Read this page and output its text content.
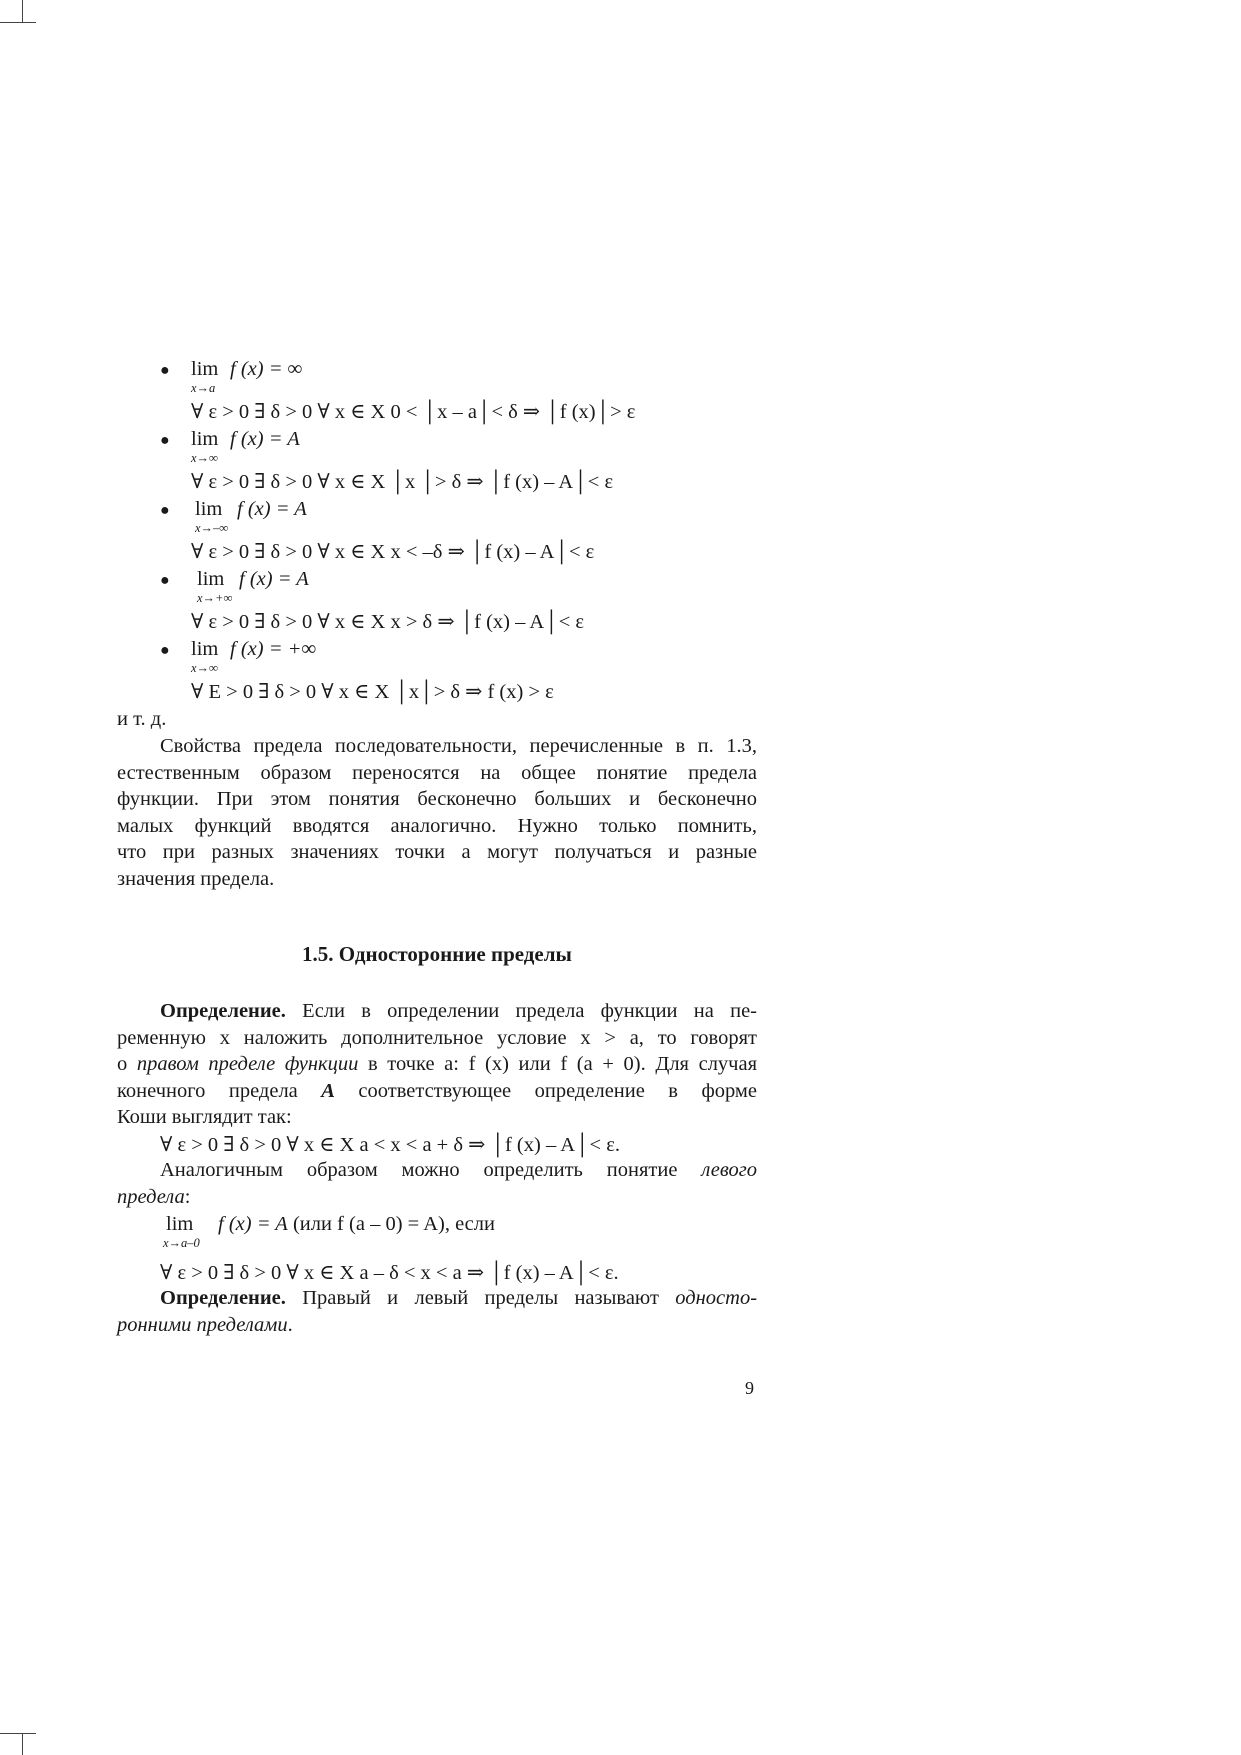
● lim
x→a
f (x) = ∞
∀ ε > 0 ∃ δ > 0 ∀ x ∈ X 0 < │x – a│< δ ⇒ │f (x)│> ε
● lim
x→∞
f (x) = A
∀ ε > 0 ∃ δ > 0 ∀ x ∈ X │x │> δ ⇒ │f (x) – A│< ε
● lim
x→–∞
f (x) = A
∀ ε > 0 ∃ δ > 0 ∀ x ∈ X x < –δ ⇒ │f (x) – A│< ε
● lim
x→+∞
f (x) = A
∀ ε > 0 ∃ δ > 0 ∀ x ∈ X x > δ ⇒ │f (x) – A│< ε
● lim
x→∞
f (x) = +∞
∀ E > 0 ∃ δ > 0 ∀ x ∈ X │x│> δ ⇒ f (x) > ε
и т. д.
Свойства предела последовательности, перечисленные в п. 1.3,
естественным образом переносятся на общее понятие предела
функции. При этом понятия бесконечно больших и бесконечно
малых функций вводятся аналогично. Нужно только помнить,
что при разных значениях точки a могут получаться и разные
значения предела.
1.5. Односторонние пределы
Определение. Если в определении предела функции на пе-
ременную x наложить дополнительное условие x > a, то говорят
о правом пределе функции в точке a: f (x) или f (a + 0). Для случая
конечного предела A соответствующее определение в форме
Коши выглядит так:
∀ ε > 0 ∃ δ > 0 ∀ x ∈ X a < x < a + δ ⇒ │f (x) – A│< ε.
Аналогичным образом можно определить понятие левого
предела:
lim
x→a–0
f (x) = A (или f (a – 0) = A), если
∀ ε > 0 ∃ δ > 0 ∀ x ∈ X a – δ < x < a ⇒ │f (x) – A│< ε.
Определение. Правый и левый пределы называют односто-
ронними пределами.
9
